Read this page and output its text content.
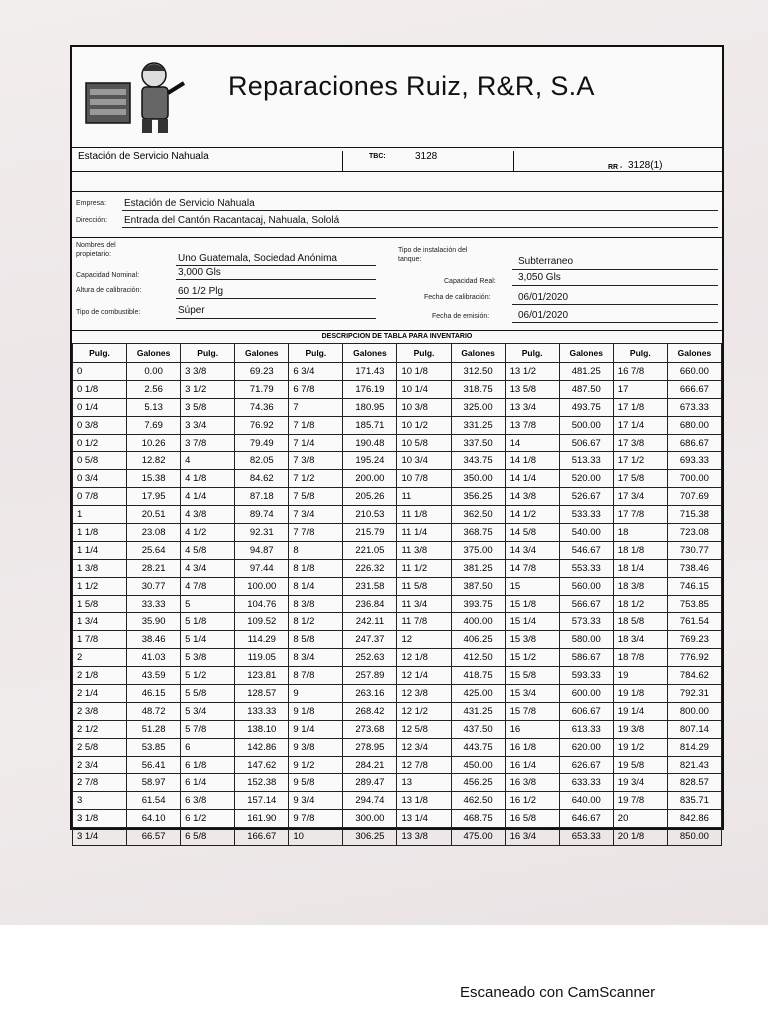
Reparaciones Ruiz, R&R, S.A
Estación de Servicio Nahuala	TBC:	3128
RR - 3128(1)
Empresa: Estación de Servicio Nahuala
Dirección: Entrada del Cantón Racantacaj, Nahuala, Sololá
Nombres del
propietario:	Uno Guatemala, Sociedad Anónima
Tipo de instalación del
tanque:	Subterraneo
Capacidad Nominal:	3,000 Gls
Capacidad Real: 3,050 Gls
Altura de calibración:	60 1/2 Plg
Fecha de calibración:	06/01/2020
Tipo de combustible:	Súper
Fecha de emisión:	06/01/2020
DESCRIPCION DE TABLA PARA INVENTARIO
Pulg.	Galones	Pulg.	Galones	Pulg.	Galones	Pulg.	Galones	Pulg.	Galones	Pulg.	Galones
0	0.00	3 3/8	69.23	6 3/4	171.43	10 1/8	312.50	13 1/2	481.25	16 7/8	660.00
0 1/8	2.56	3 1/2	71.79	6 7/8	176.19	10 1/4	318.75	13 5/8	487.50	17	666.67
0 1/4	5.13	3 5/8	74.36	7	180.95	10 3/8	325.00	13 3/4	493.75	17 1/8	673.33
0 3/8	7.69	3 3/4	76.92	7 1/8	185.71	10 1/2	331.25	13 7/8	500.00	17 1/4	680.00
0 1/2	10.26	3 7/8	79.49	7 1/4	190.48	10 5/8	337.50	14	506.67	17 3/8	686.67
0 5/8	12.82	4	82.05	7 3/8	195.24	10 3/4	343.75	14 1/8	513.33	17 1/2	693.33
0 3/4	15.38	4 1/8	84.62	7 1/2	200.00	10 7/8	350.00	14 1/4	520.00	17 5/8	700.00
0 7/8	17.95	4 1/4	87.18	7 5/8	205.26	11	356.25	14 3/8	526.67	17 3/4	707.69
1	20.51	4 3/8	89.74	7 3/4	210.53	11 1/8	362.50	14 1/2	533.33	17 7/8	715.38
1 1/8	23.08	4 1/2	92.31	7 7/8	215.79	11 1/4	368.75	14 5/8	540.00	18	723.08
1 1/4	25.64	4 5/8	94.87	8	221.05	11 3/8	375.00	14 3/4	546.67	18 1/8	730.77
1 3/8	28.21	4 3/4	97.44	8 1/8	226.32	11 1/2	381.25	14 7/8	553.33	18 1/4	738.46
1 1/2	30.77	4 7/8	100.00	8 1/4	231.58	11 5/8	387.50	15	560.00	18 3/8	746.15
1 5/8	33.33	5	104.76	8 3/8	236.84	11 3/4	393.75	15 1/8	566.67	18 1/2	753.85
1 3/4	35.90	5 1/8	109.52	8 1/2	242.11	11 7/8	400.00	15 1/4	573.33	18 5/8	761.54
1 7/8	38.46	5 1/4	114.29	8 5/8	247.37	12	406.25	15 3/8	580.00	18 3/4	769.23
2	41.03	5 3/8	119.05	8 3/4	252.63	12 1/8	412.50	15 1/2	586.67	18 7/8	776.92
2 1/8	43.59	5 1/2	123.81	8 7/8	257.89	12 1/4	418.75	15 5/8	593.33	19	784.62
2 1/4	46.15	5 5/8	128.57	9	263.16	12 3/8	425.00	15 3/4	600.00	19 1/8	792.31
2 3/8	48.72	5 3/4	133.33	9 1/8	268.42	12 1/2	431.25	15 7/8	606.67	19 1/4	800.00
2 1/2	51.28	5 7/8	138.10	9 1/4	273.68	12 5/8	437.50	16	613.33	19 3/8	807.14
2 5/8	53.85	6	142.86	9 3/8	278.95	12 3/4	443.75	16 1/8	620.00	19 1/2	814.29
2 3/4	56.41	6 1/8	147.62	9 1/2	284.21	12 7/8	450.00	16 1/4	626.67	19 5/8	821.43
2 7/8	58.97	6 1/4	152.38	9 5/8	289.47	13	456.25	16 3/8	633.33	19 3/4	828.57
3	61.54	6 3/8	157.14	9 3/4	294.74	13 1/8	462.50	16 1/2	640.00	19 7/8	835.71
3 1/8	64.10	6 1/2	161.90	9 7/8	300.00	13 1/4	468.75	16 5/8	646.67	20	842.86
3 1/4	66.57	6 5/8	166.67	10	306.25	13 3/8	475.00	16 3/4	653.33	20 1/8	850.00
Escaneado con CamScanner
